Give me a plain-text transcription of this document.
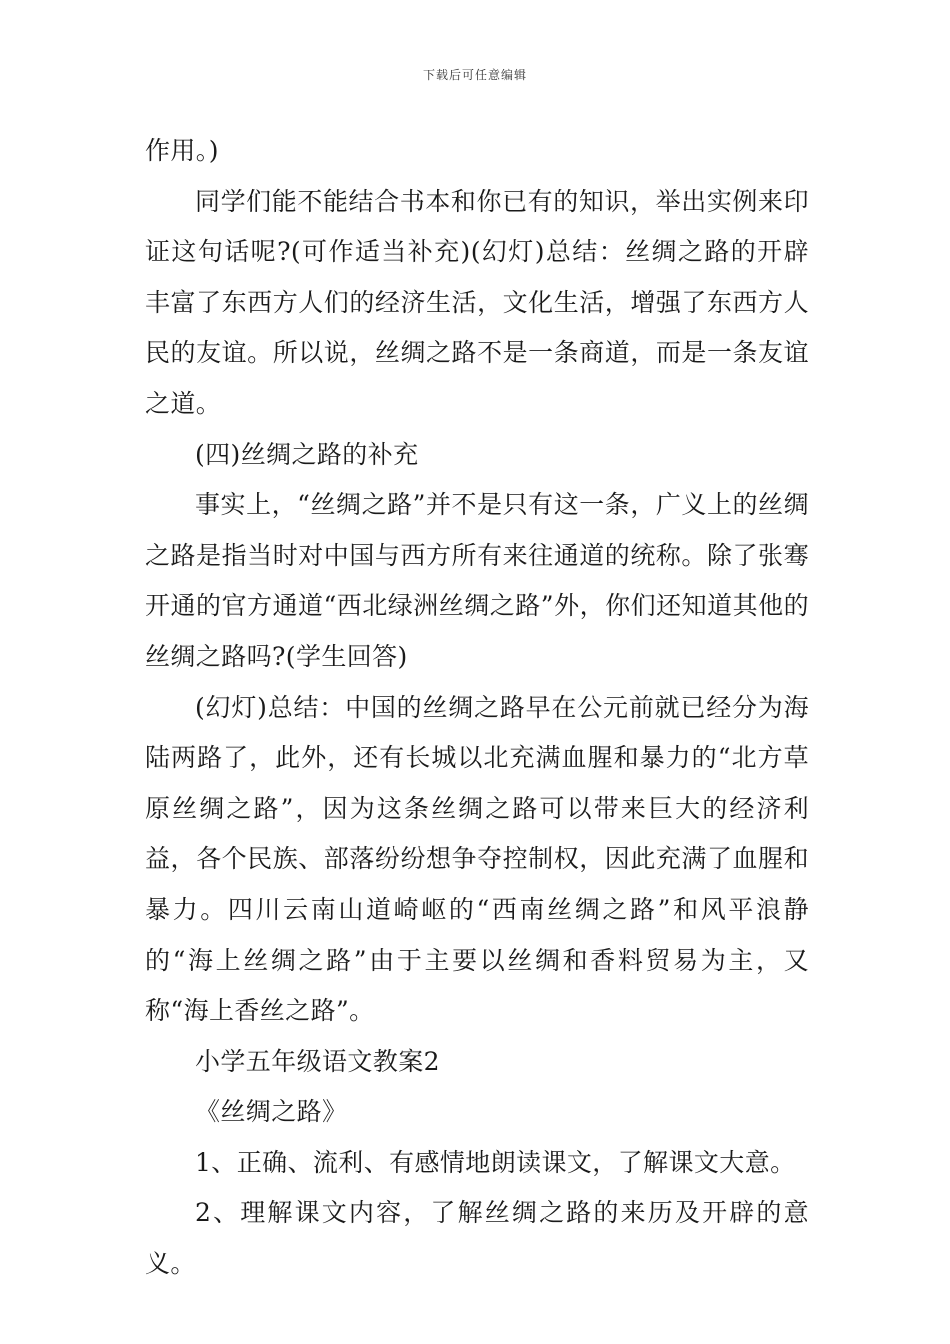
下载后可任意编辑

作用。)

同学们能不能结合书本和你已有的知识，举出实例来印证这句话呢?(可作适当补充)(幻灯)总结：丝绸之路的开辟丰富了东西方人们的经济生活，文化生活，增强了东西方人民的友谊。所以说，丝绸之路不是一条商道，而是一条友谊之道。

(四)丝绸之路的补充

事实上，“丝绸之路”并不是只有这一条，广义上的丝绸之路是指当时对中国与西方所有来往通道的统称。除了张骞开通的官方通道“西北绿洲丝绸之路”外，你们还知道其他的丝绸之路吗?(学生回答)

(幻灯)总结：中国的丝绸之路早在公元前就已经分为海陆两路了，此外，还有长城以北充满血腥和暴力的“北方草原丝绸之路”，因为这条丝绸之路可以带来巨大的经济利益，各个民族、部落纷纷想争夺控制权，因此充满了血腥和暴力。四川云南山道崎岖的“西南丝绸之路”和风平浪静的“海上丝绸之路”由于主要以丝绸和香料贸易为主，又称“海上香丝之路”。

小学五年级语文教案2

《丝绸之路》

1、正确、流利、有感情地朗读课文，了解课文大意。

2、理解课文内容，了解丝绸之路的来历及开辟的意义。
